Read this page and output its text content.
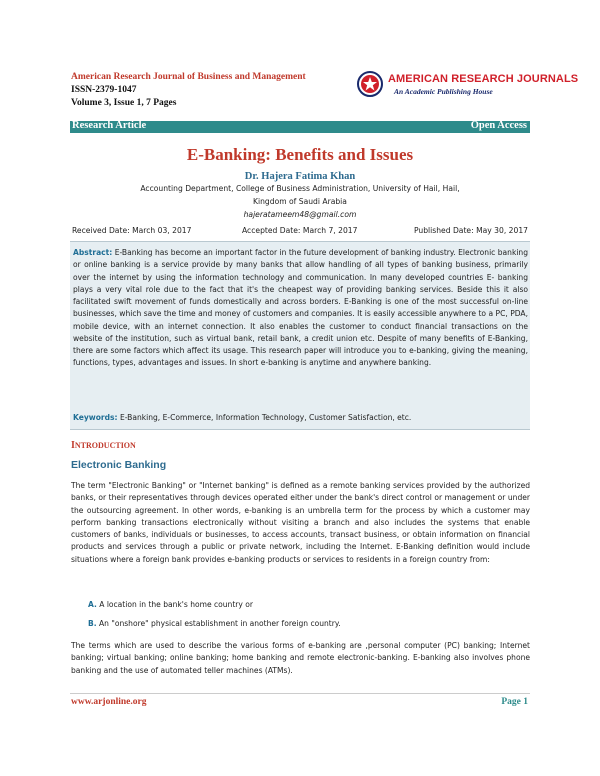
American Research Journal of Business and Management
ISSN-2379-1047
Volume 3, Issue 1, 7 Pages
AMERICAN RESEARCH JOURNALS
An Academic Publishing House
Research Article	Open Access
E-Banking: Benefits and Issues
Dr. Hajera Fatima Khan
Accounting Department, College of Business Administration, University of Hail, Hail,
Kingdom of Saudi Arabia
hajeratameem48@gmail.com
Received Date: March 03, 2017	Accepted Date: March 7, 2017	Published Date: May 30, 2017

Abstract: E-Banking has become an important factor in the future development of banking industry. Electronic banking or online banking is a service provide by many banks that allow handling of all types of banking business, primarily over the internet by using the information technology and communication. In many developed countries E- banking plays a very vital role due to the fact that it's the cheapest way of providing banking services. Beside this it also facilitated swift movement of funds domestically and across borders. E-Banking is one of the most successful on-line businesses, which save the time and money of customers and companies. It is easily accessible anywhere to a PC, PDA, mobile device, with an internet connection. It also enables the customer to conduct financial transactions on the website of the institution, such as virtual bank, retail bank, a credit union etc. Despite of many benefits of E-Banking, there are some factors which affect its usage. This research paper will introduce you to e-banking, giving the meaning, functions, types, advantages and issues. In short e-banking is anytime and anywhere banking.

Keywords: E-Banking, E-Commerce, Information Technology, Customer Satisfaction, etc.
INTRODUCTION
Electronic Banking

The term "Electronic Banking" or "Internet banking" is defined as a remote banking services provided by the authorized banks, or their representatives through devices operated either under the bank's direct control or management or under the outsourcing agreement. In other words, e-banking is an umbrella term for the process by which a customer may perform banking transactions electronically without visiting a branch and also includes the systems that enable customers of banks, individuals or businesses, to access accounts, transact business, or obtain information on financial products and services through a public or private network, including the Internet. E-Banking definition would include situations where a foreign bank provides e-banking products or services to residents in a foreign country from:

A. A location in the bank's home country or
B. An "onshore" physical establishment in another foreign country.

The terms which are used to describe the various forms of e-banking are ,personal computer (PC) banking; Internet banking; virtual banking; online banking; home banking and remote electronic-banking. E-banking also involves phone banking and the use of automated teller machines (ATMs).

www.arjonline.org	Page 1
